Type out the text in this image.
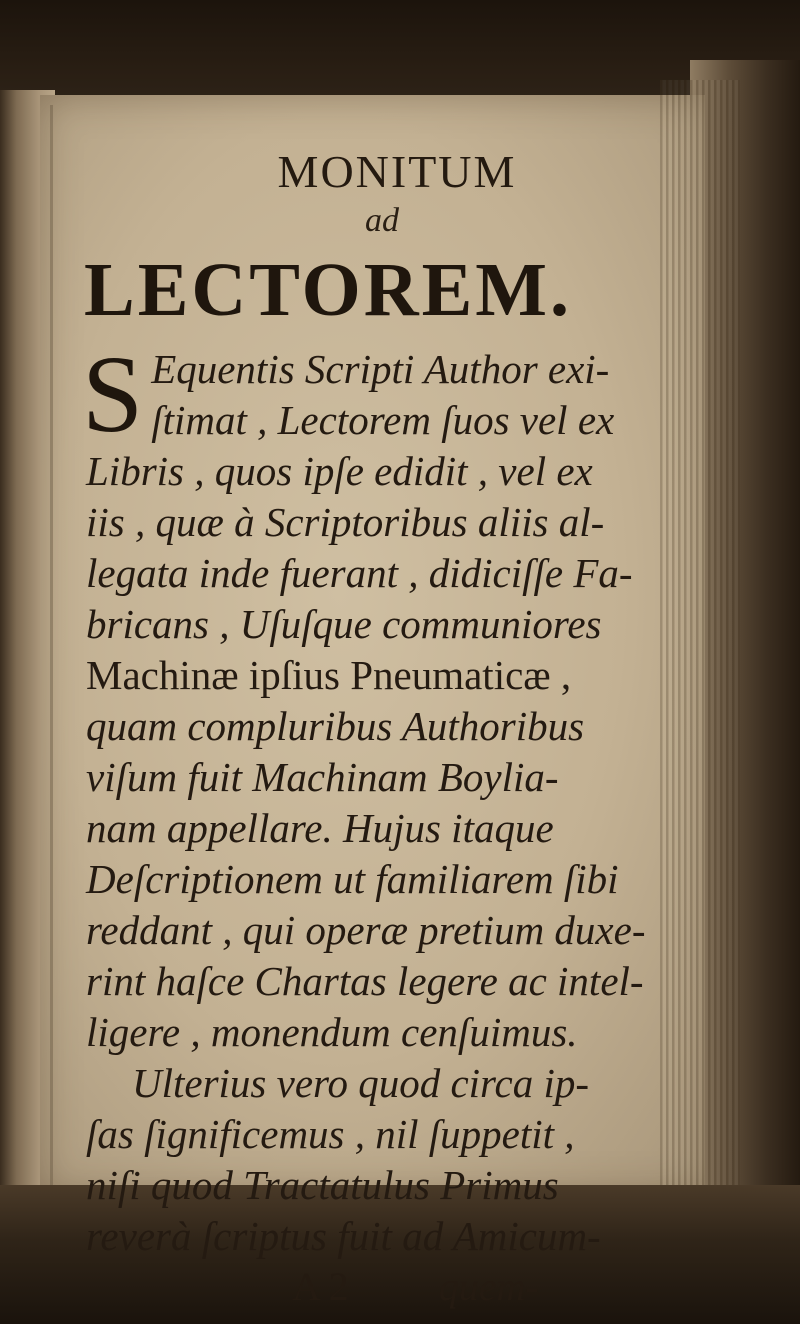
MONITUM
ad
LECTOREM.
S Equentis Scripti Author exi-
ſtimat , Lectorem ſuos vel ex
Libris , quos ipſe edidit , vel ex
iis , quæ à Scriptoribus aliis al-
legata inde fuerant , didiciſſe Fa-
bricans , Uſuſque communiores
Machinæ ipſius Pneumaticæ ,
quam compluribus Authoribus
viſum fuit Machinam Boylia-
nam appellare. Hujus itaque
Deſcriptionem ut familiarem ſibi
reddant , qui operæ pretium duxe-
rint haſce Chartas legere ac intel-
ligere , monendum cenſuimus.
Ulterius vero quod circa ip-
ſas ſignificemus , nil ſuppetit ,
niſi quod Tractatulus Primus
reverà ſcriptus fuit ad Amicum-
A 2 quem-
